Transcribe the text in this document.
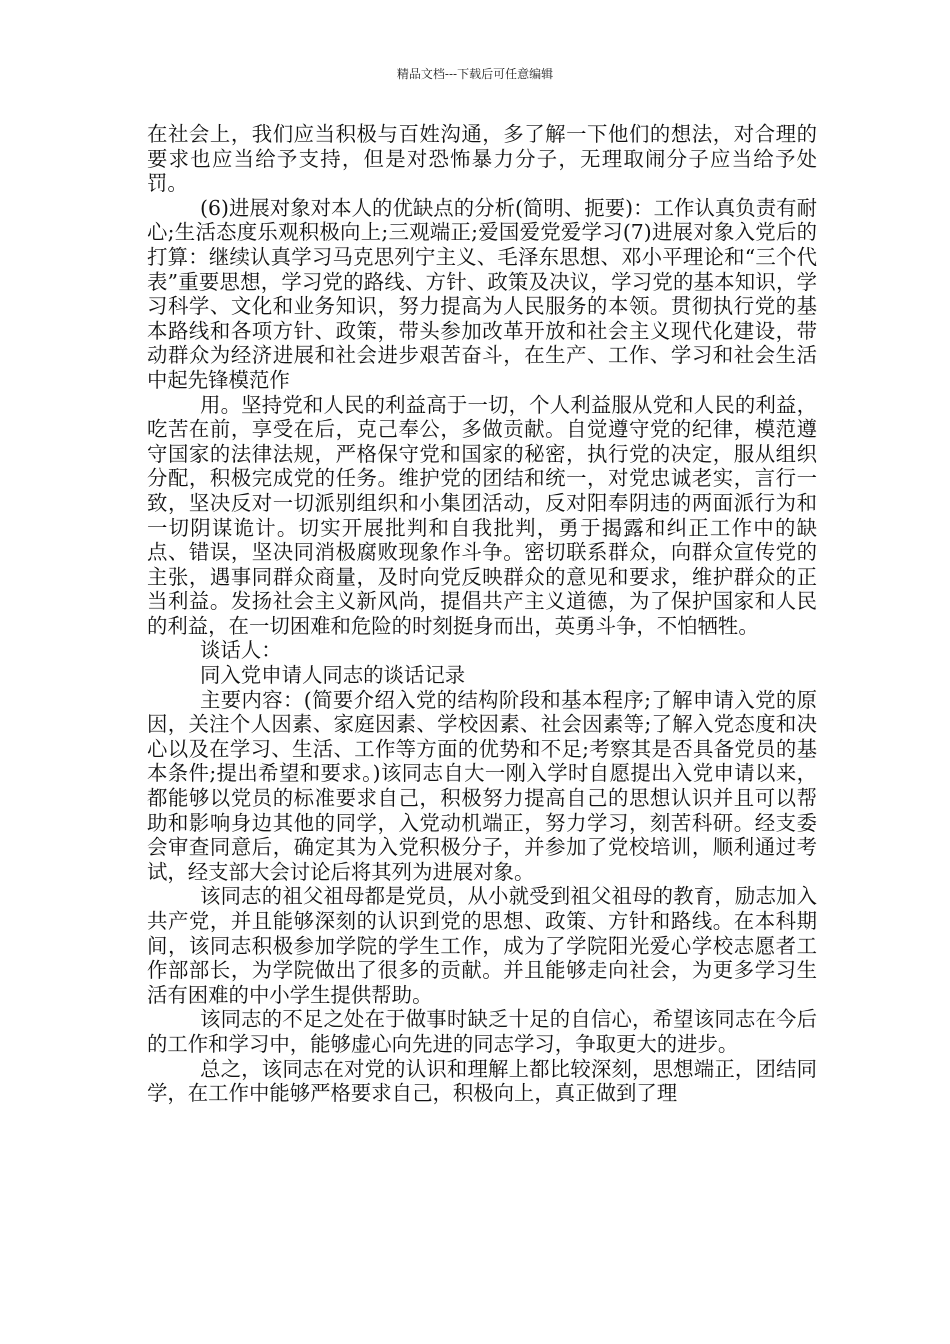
精品文档---下载后可任意编辑

在社会上，我们应当积极与百姓沟通，多了解一下他们的想法，对合理的要求也应当给予支持，但是对恐怖暴力分子，无理取闹分子应当给予处罚。

(6)进展对象对本人的优缺点的分析(简明、扼要)：工作认真负责有耐心;生活态度乐观积极向上;三观端正;爱国爱党爱学习(7)进展对象入党后的打算：继续认真学习马克思列宁主义、毛泽东思想、邓小平理论和“三个代表”重要思想，学习党的路线、方针、政策及决议，学习党的基本知识，学习科学、文化和业务知识，努力提高为人民服务的本领。贯彻执行党的基本路线和各项方针、政策，带头参加改革开放和社会主义现代化建设，带动群众为经济进展和社会进步艰苦奋斗，在生产、工作、学习和社会生活中起先锋模范作

用。坚持党和人民的利益高于一切，个人利益服从党和人民的利益，吃苦在前，享受在后，克己奉公，多做贡献。自觉遵守党的纪律，模范遵守国家的法律法规，严格保守党和国家的秘密，执行党的决定，服从组织分配，积极完成党的任务。维护党的团结和统一，对党忠诚老实，言行一致，坚决反对一切派别组织和小集团活动，反对阳奉阴违的两面派行为和一切阴谋诡计。切实开展批判和自我批判，勇于揭露和纠正工作中的缺点、错误，坚决同消极腐败现象作斗争。密切联系群众，向群众宣传党的主张，遇事同群众商量，及时向党反映群众的意见和要求，维护群众的正当利益。发扬社会主义新风尚，提倡共产主义道德，为了保护国家和人民的利益，在一切困难和危险的时刻挺身而出，英勇斗争，不怕牺牲。

谈话人：

同入党申请人同志的谈话记录

主要内容：(简要介绍入党的结构阶段和基本程序;了解申请入党的原因，关注个人因素、家庭因素、学校因素、社会因素等;了解入党态度和决心以及在学习、生活、工作等方面的优势和不足;考察其是否具备党员的基本条件;提出希望和要求。)该同志自大一刚入学时自愿提出入党申请以来，都能够以党员的标准要求自己，积极努力提高自己的思想认识并且可以帮助和影响身边其他的同学，入党动机端正，努力学习，刻苦科研。经支委会审查同意后，确定其为入党积极分子，并参加了党校培训，顺利通过考试，经支部大会讨论后将其列为进展对象。

该同志的祖父祖母都是党员，从小就受到祖父祖母的教育，励志加入共产党，并且能够深刻的认识到党的思想、政策、方针和路线。在本科期间，该同志积极参加学院的学生工作，成为了学院阳光爱心学校志愿者工作部部长，为学院做出了很多的贡献。并且能够走向社会，为更多学习生活有困难的中小学生提供帮助。

该同志的不足之处在于做事时缺乏十足的自信心，希望该同志在今后的工作和学习中，能够虚心向先进的同志学习，争取更大的进步。

总之，该同志在对党的认识和理解上都比较深刻，思想端正，团结同学，在工作中能够严格要求自己，积极向上，真正做到了理
